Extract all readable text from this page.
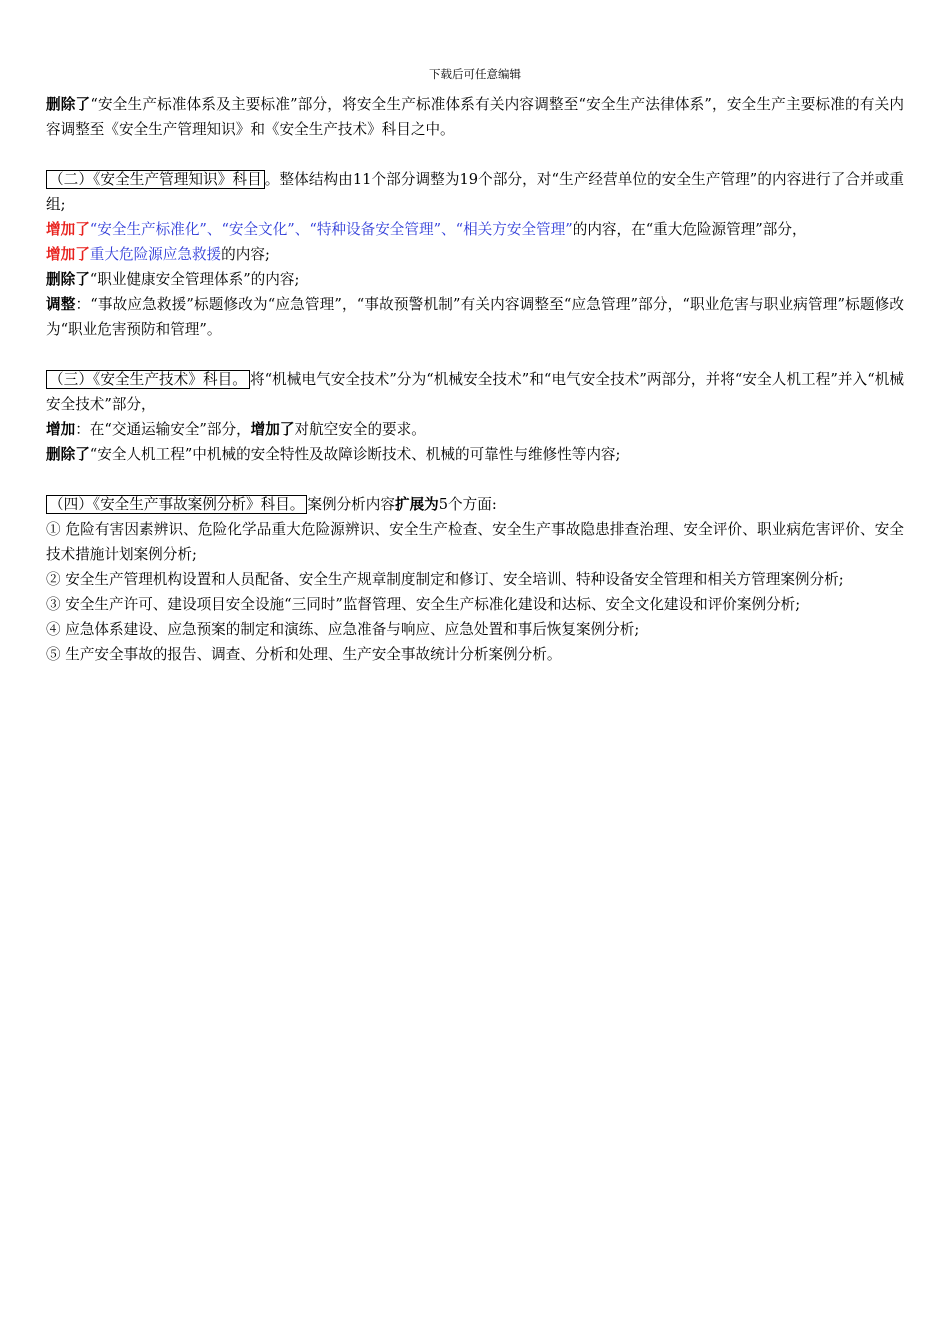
下载后可任意编辑

删除了“安全生产标准体系及主要标准”部分，将安全生产标准体系有关内容调整至“安全生产法律体系”，安全生产主要标准的有关内容调整至《安全生产管理知识》和《安全生产技术》科目之中。

（二）《安全生产管理知识》科目 。整体结构由11个部分调整为19个部分，对“生产经营单位的安全生产管理”的内容进行了合并或重组;

增加了“安全生产标准化”、“安全文化”、“特种设备安全管理”、“相关方安全管理”的内容，在“重大危险源管理”部分，

增加了重大危险源应急救援的内容;

删除了“职业健康安全管理体系”的内容;

调整：“事故应急救援”标题修改为“应急管理”，“事故预警机制”有关内容调整至“应急管理”部分，“职业危害与职业病管理”标题修改为“职业危害预防和管理”。

（三）《安全生产技术》科目。 将“机械电气安全技术”分为“机械安全技术”和“电气安全技术”两部分，并将“安全人机工程”并入“机械安全技术”部分，

增加：在“交通运输安全”部分，增加了对航空安全的要求。

删除了“安全人机工程”中机械的安全特性及故障诊断技术、机械的可靠性与维修性等内容;

（四）《安全生产事故案例分析》科目。 案例分析内容扩展为5个方面:

① 危险有害因素辨识、危险化学品重大危险源辨识、安全生产检查、安全生产事故隐患排查治理、安全评价、职业病危害评价、安全技术措施计划案例分析;

② 安全生产管理机构设置和人员配备、安全生产规章制度制定和修订、安全培训、特种设备安全管理和相关方管理案例分析;

③ 安全生产许可、建设项目安全设施“三同时”监督管理、安全生产标准化建设和达标、安全文化建设和评价案例分析;

④ 应急体系建设、应急预案的制定和演练、应急准备与响应、应急处置和事后恢复案例分析;

⑤ 生产安全事故的报告、调查、分析和处理、生产安全事故统计分析案例分析。
